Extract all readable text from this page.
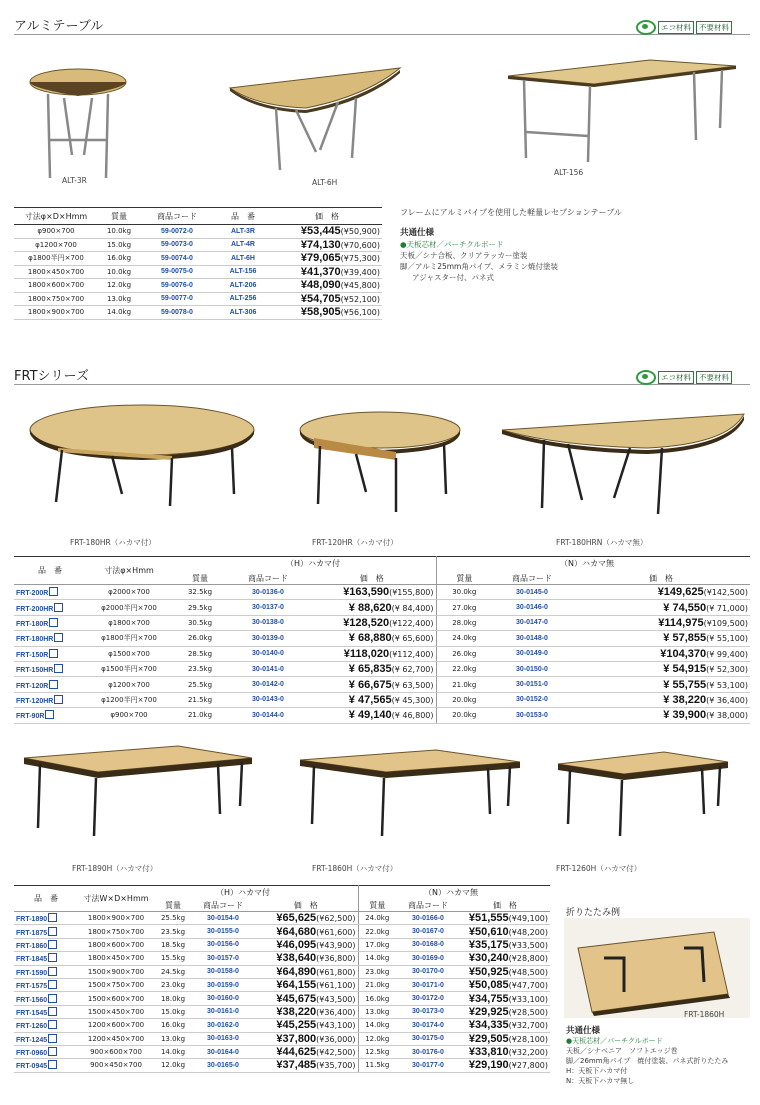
アルミテーブル	エコ材料	不要材料
ALT-3R	ALT-6H
ALT-156
寸法φ×D×Hmm	質量	商品コード	品　番	価　格
φ900×700	10.0kg	59-0072-0	ALT-3R	¥53,445(¥50,900)
φ1200×700	15.0kg	59-0073-0	ALT-4R	¥74,130(¥70,600)
φ1800半円×700	16.0kg	59-0074-0	ALT-6H	¥79,065(¥75,300)
1800×450×700	10.0kg	59-0075-0	ALT-156	¥41,370(¥39,400)
1800×600×700	12.0kg	59-0076-0	ALT-206	¥48,090(¥45,800)
1800×750×700	13.0kg	59-0077-0	ALT-256	¥54,705(¥52,100)
1800×900×700	14.0kg	59-0078-0	ALT-306	¥58,905(¥56,100)
フレームにアルミパイプを使用した軽量レセプションテーブル
共通仕様
●天板芯材／パーチクルボード
天板／シナ合板、クリアラッカー塗装
脚／アルミ25mm角パイプ、メラミン焼付塗装
アジャスター付、パネ式
FRTシリーズ	エコ材料	不要材料
FRT-180HR（ハカマ付）	FRT-120HR（ハカマ付）	FRT-180HRN（ハカマ無）
（H）ハカマ付	（N）ハカマ無
品　番	寸法φ×Hmm	質量	商品コード	価　格	質量	商品コード	価　格
FRT-200R	φ2000×700	32.5kg	30-0136-0	¥163,590(¥155,800)	30.0kg	30-0145-0	¥149,625(¥142,500)
FRT-200HR	φ2000半円×700	29.5kg	30-0137-0	¥ 88,620(¥ 84,400)	27.0kg	30-0146-0	¥ 74,550(¥ 71,000)
FRT-180R	φ1800×700	30.5kg	30-0138-0	¥128,520(¥122,400)	28.0kg	30-0147-0	¥114,975(¥109,500)
FRT-180HR	φ1800半円×700	26.0kg	30-0139-0	¥ 68,880(¥ 65,600)	24.0kg	30-0148-0	¥ 57,855(¥ 55,100)
FRT-150R	φ1500×700	28.5kg	30-0140-0	¥118,020(¥112,400)	26.0kg	30-0149-0	¥104,370(¥ 99,400)
FRT-150HR	φ1500半円×700	23.5kg	30-0141-0	¥ 65,835(¥ 62,700)	22.0kg	30-0150-0	¥ 54,915(¥ 52,300)
FRT-120R	φ1200×700	25.5kg	30-0142-0	¥ 66,675(¥ 63,500)	21.0kg	30-0151-0	¥ 55,755(¥ 53,100)
FRT-120HR	φ1200半円×700	21.5kg	30-0143-0	¥ 47,565(¥ 45,300)	20.0kg	30-0152-0	¥ 38,220(¥ 36,400)
FRT-90R	φ900×700	21.0kg	30-0144-0	¥ 49,140(¥ 46,800)	20.0kg	30-0153-0	¥ 39,900(¥ 38,000)
FRT-1890H（ハカマ付）	FRT-1860H（ハカマ付）	FRT-1260H（ハカマ付）
（H）ハカマ付	（N）ハカマ無
品　番	寸法W×D×Hmm	質量	商品コード	価　格	質量	商品コード	価　格
FRT-1890	1800×900×700	25.5kg	30-0154-0	¥65,625(¥62,500)	24.0kg	30-0166-0	¥51,555(¥49,100)
FRT-1875	1800×750×700	23.5kg	30-0155-0	¥64,680(¥61,600)	22.0kg	30-0167-0	¥50,610(¥48,200)
FRT-1860	1800×600×700	18.5kg	30-0156-0	¥46,095(¥43,900)	17.0kg	30-0168-0	¥35,175(¥33,500)
FRT-1845	1800×450×700	15.5kg	30-0157-0	¥38,640(¥36,800)	14.0kg	30-0169-0	¥30,240(¥28,800)
FRT-1590	1500×900×700	24.5kg	30-0158-0	¥64,890(¥61,800)	23.0kg	30-0170-0	¥50,925(¥48,500)
FRT-1575	1500×750×700	23.0kg	30-0159-0	¥64,155(¥61,100)	21.0kg	30-0171-0	¥50,085(¥47,700)
FRT-1560	1500×600×700	18.0kg	30-0160-0	¥45,675(¥43,500)	16.0kg	30-0172-0	¥34,755(¥33,100)
FRT-1545	1500×450×700	15.0kg	30-0161-0	¥38,220(¥36,400)	13.0kg	30-0173-0	¥29,925(¥28,500)
FRT-1260	1200×600×700	16.0kg	30-0162-0	¥45,255(¥43,100)	14.0kg	30-0174-0	¥34,335(¥32,700)
FRT-1245	1200×450×700	13.0kg	30-0163-0	¥37,800(¥36,000)	12.0kg	30-0175-0	¥29,505(¥28,100)
FRT-0960	900×600×700	14.0kg	30-0164-0	¥44,625(¥42,500)	12.5kg	30-0176-0	¥33,810(¥32,200)
FRT-0945	900×450×700	12.0kg	30-0165-0	¥37,485(¥35,700)	11.5kg	30-0177-0	¥29,190(¥27,800)
折りたたみ例
FRT-1860H
共通仕様
●天板芯材／パーチクルボード
天板／シナベニア　ソフトエッジ巻
脚／26mm角パイプ　焼付塗装、パネ式折りたたみ
H：天板下ハカマ付
N：天板下ハカマ無し
